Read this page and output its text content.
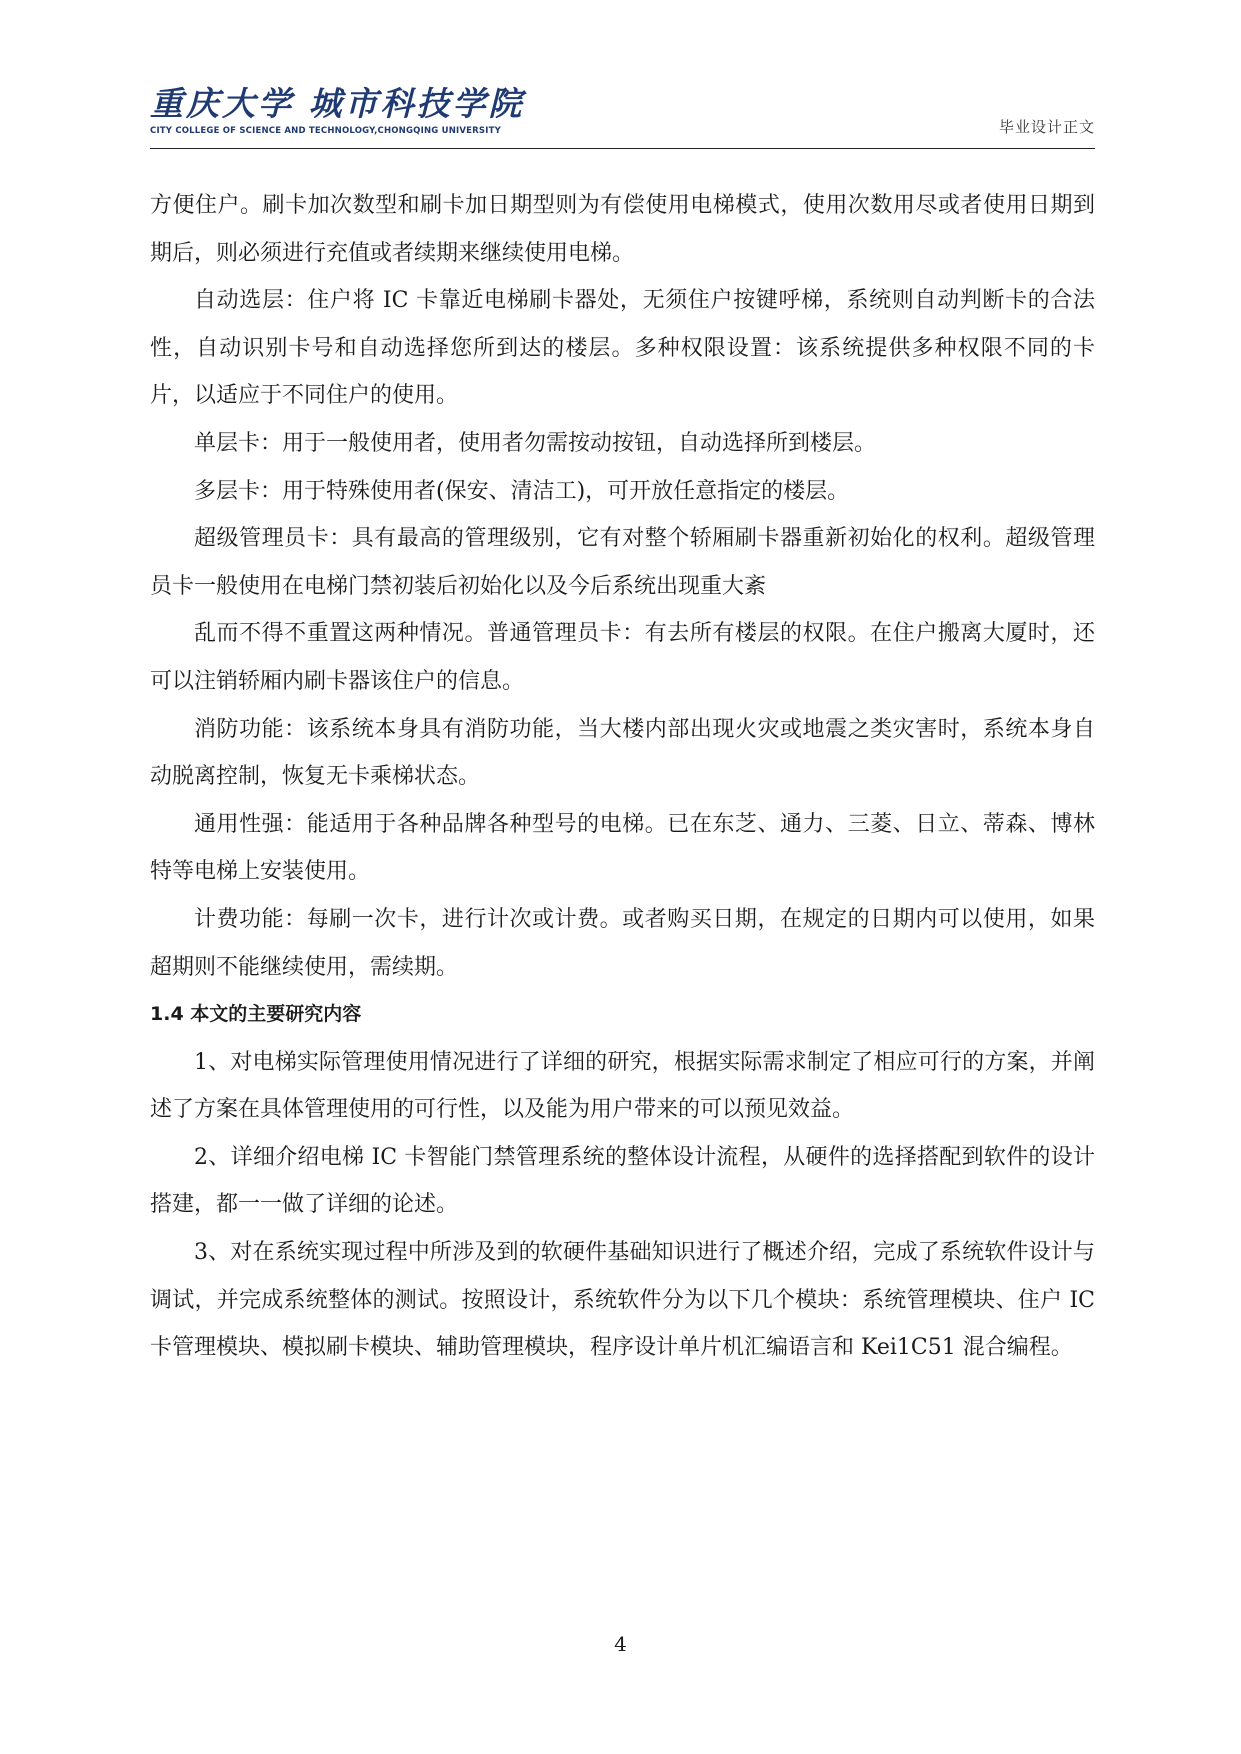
重庆大学 城市科技学院
CITY COLLEGE OF SCIENCE AND TECHNOLOGY,CHONGQING UNIVERSITY	毕业设计正文

方便住户。刷卡加次数型和刷卡加日期型则为有偿使用电梯模式，使用次数用尽或者使用日期到期后，则必须进行充值或者续期来继续使用电梯。

自动选层：住户将 IC 卡靠近电梯刷卡器处，无须住户按键呼梯，系统则自动判断卡的合法性，自动识别卡号和自动选择您所到达的楼层。多种权限设置：该系统提供多种权限不同的卡片，以适应于不同住户的使用。

单层卡：用于一般使用者，使用者勿需按动按钮，自动选择所到楼层。

多层卡：用于特殊使用者(保安、清洁工)，可开放任意指定的楼层。

超级管理员卡：具有最高的管理级别，它有对整个轿厢刷卡器重新初始化的权利。超级管理员卡一般使用在电梯门禁初装后初始化以及今后系统出现重大紊

乱而不得不重置这两种情况。普通管理员卡：有去所有楼层的权限。在住户搬离大厦时，还可以注销轿厢内刷卡器该住户的信息。

消防功能：该系统本身具有消防功能，当大楼内部出现火灾或地震之类灾害时，系统本身自动脱离控制，恢复无卡乘梯状态。

通用性强：能适用于各种品牌各种型号的电梯。已在东芝、通力、三菱、日立、蒂森、博林特等电梯上安装使用。

计费功能：每刷一次卡，进行计次或计费。或者购买日期，在规定的日期内可以使用，如果超期则不能继续使用，需续期。

1.4 本文的主要研究内容

1、对电梯实际管理使用情况进行了详细的研究，根据实际需求制定了相应可行的方案，并阐述了方案在具体管理使用的可行性，以及能为用户带来的可以预见效益。

2、详细介绍电梯 IC 卡智能门禁管理系统的整体设计流程，从硬件的选择搭配到软件的设计搭建，都一一做了详细的论述。

3、对在系统实现过程中所涉及到的软硬件基础知识进行了概述介绍，完成了系统软件设计与调试，并完成系统整体的测试。按照设计，系统软件分为以下几个模块：系统管理模块、住户 IC 卡管理模块、模拟刷卡模块、辅助管理模块，程序设计单片机汇编语言和 Kei1C51 混合编程。

4
